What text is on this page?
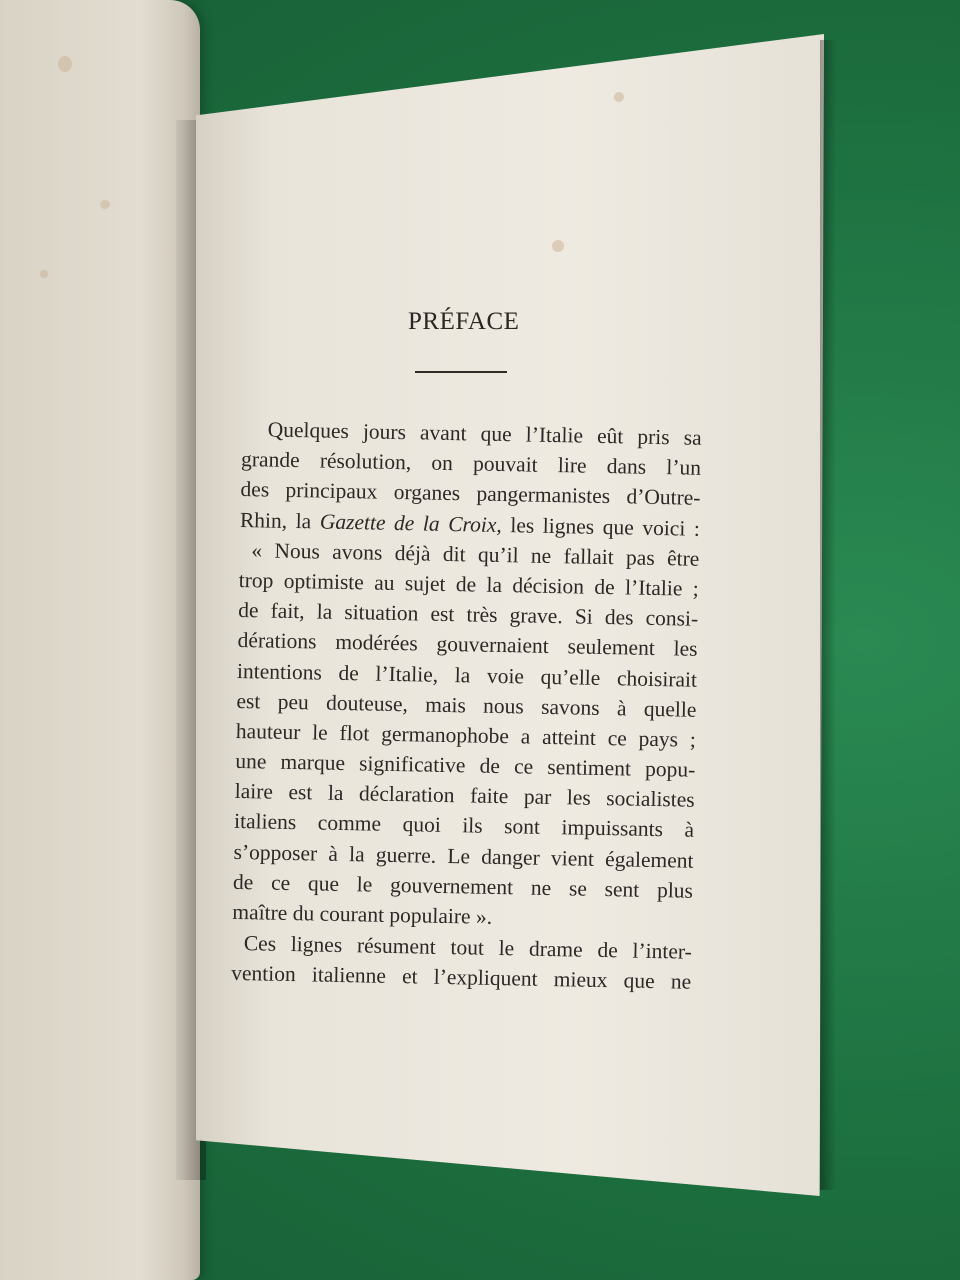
PRÉFACE
Quelques jours avant que l’Italie eût pris sa
grande résolution, on pouvait lire dans l’un
des principaux organes pangermanistes d’Outre-
Rhin, la Gazette de la Croix, les lignes que voici :
« Nous avons déjà dit qu’il ne fallait pas être
trop optimiste au sujet de la décision de l’Italie ;
de fait, la situation est très grave. Si des consi-
dérations modérées gouvernaient seulement les
intentions de l’Italie, la voie qu’elle choisirait
est peu douteuse, mais nous savons à quelle
hauteur le flot germanophobe a atteint ce pays ;
une marque significative de ce sentiment popu-
laire est la déclaration faite par les socialistes
italiens comme quoi ils sont impuissants à
s’opposer à la guerre. Le danger vient également
de ce que le gouvernement ne se sent plus
maître du courant populaire ».
Ces lignes résument tout le drame de l’inter-
vention italienne et l’expliquent mieux que ne
